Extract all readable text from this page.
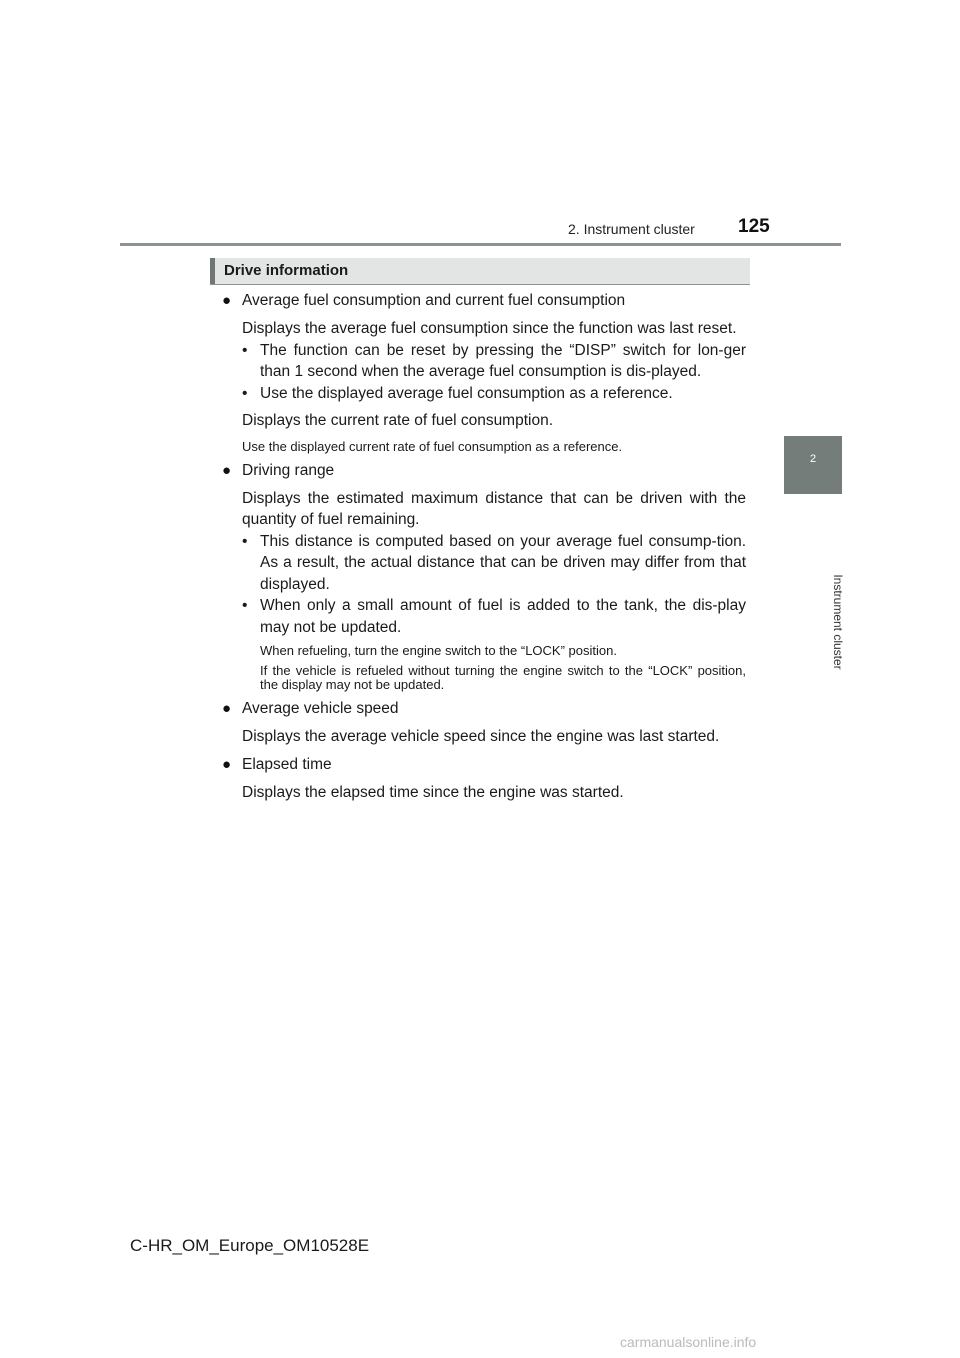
2. Instrument cluster 125
2
Instrument cluster
Drive information
● Average fuel consumption and current fuel consumption
Displays the average fuel consumption since the function was last reset.
• The function can be reset by pressing the “DISP” switch for lon-ger than 1 second when the average fuel consumption is dis-played.
• Use the displayed average fuel consumption as a reference.
Displays the current rate of fuel consumption.
Use the displayed current rate of fuel consumption as a reference.
● Driving range
Displays the estimated maximum distance that can be driven with the quantity of fuel remaining.
• This distance is computed based on your average fuel consump-tion. As a result, the actual distance that can be driven may differ from that displayed.
• When only a small amount of fuel is added to the tank, the dis-play may not be updated.
When refueling, turn the engine switch to the “LOCK” position.
If the vehicle is refueled without turning the engine switch to the “LOCK” position, the display may not be updated.
● Average vehicle speed
Displays the average vehicle speed since the engine was last started.
● Elapsed time
Displays the elapsed time since the engine was started.
C-HR_OM_Europe_OM10528E
carmanualsonline.info
